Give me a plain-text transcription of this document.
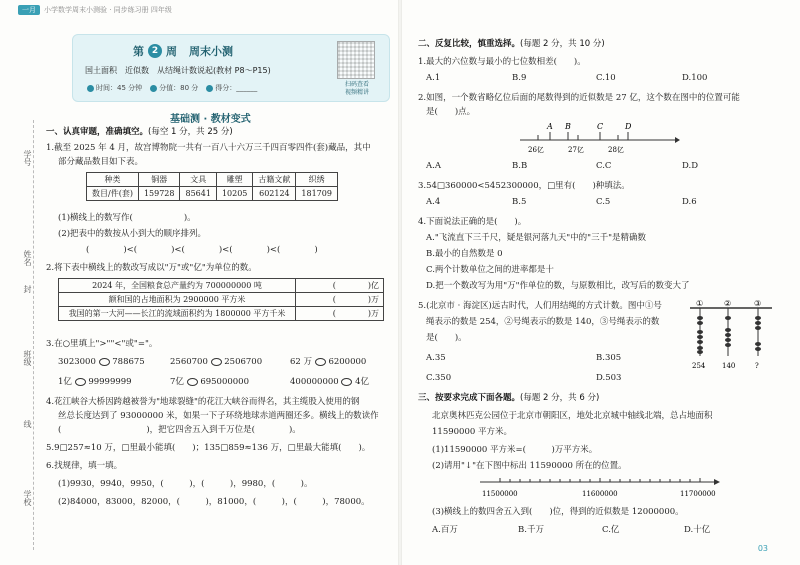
一月	小学数学周末小测验 · 同步练习册 四年级
学号
姓名
封
班级
线
学校
第 2 周 周末小测
国土面积　近似数　从结绳计数说起(教材 P8～P15)
时间：45 分钟 分值：80 分 得分：______	扫码查看
视频精讲
基础测 · 教材变式
一、认真审题，准确填空。(每空 1 分，共 25 分)
1.截至 2025 年 4 月，故宫博物院一共有一百八十六万三千四百零四件(套)藏品，其中
部分藏品数目如下表。
种类	铜器	文具	雕塑	古籍文献	织绣
数目/件(套)	159728	85641	10205	602124	181709
(1)横线上的数写作(　　　　　　)。
(2)把表中的数按从小到大的顺序排列。
(　　　　)<(　　　　)<(　　　　)<(　　　　)<(　　　　)
2.将下表中横线上的数改写成以"万"或"亿"为单位的数。
2024 年，全国粮食总产量约为 700000000 吨	(　　　　)亿
额和国的占地面积为 2900000 平方米	(　　　　)万
我国的第一大河——长江的流域面积约为 1800000 平方千米	(　　　　)万
3.在○里填上">""<"或"="。
3023000 788675	2560700 2506700	62 万 6200000
1亿 99999999	7亿 695000000	400000000 4亿
4.花江峡谷大桥因跨越被誉为"地球裂缝"的花江大峡谷而得名，其主缆股入使用的钢
丝总长度达到了 93000000 米，如果一下子环绕地球赤道两圈还多。横线上的数读作
(　　　　　　　　　　)，把它四舍五入到千万位是(　　　　)。
5.9□257≈10 万，□里最小能填(　　)；135□859≈136 万，□里最大能填(　　)。
6.找规律，填一填。
(1)9930，9940，9950，(　　　)，(　　　)，9980，(　　　)。
(2)84000，83000，82000，(　　　)，81000，(　　　)，(　　　)，78000。
二、反复比较，慎重选择。(每题 2 分，共 10 分)
1.最大的六位数与最小的七位数相差(　　)。
A.1	B.9	C.10	D.100
2.如图，一个数省略亿位后面的尾数得到的近似数是 27 亿，这个数在图中的位置可能
是(　　)点。
A B	C	D
26亿	27亿	28亿
A.A	B.B	C.C	D.D
3.54□360000<5452300000，□里有(　　)种填法。
A.4	B.5	C.5	D.6
4.下面说法正确的是(　　)。
A."飞流直下三千尺，疑是银河落九天"中的"三千"是精确数
B.最小的自然数是 0
C.两个计数单位之间的进率都是十
D.把一个数改写为用"万"作单位的数，与原数相比，改写后的数变大了
5.(北京市 · 海淀区)远古时代，人们用结绳的方式计数。图中①号
绳表示的数是 254，②号绳表示的数是 140，③号绳表示的数
是(　　)。
A.35	B.305
C.350	D.503
①	②	③
254 140	?
三、按要求完成下面各题。(每题 2 分，共 6 分)
北京奥林匹克公园位于北京市朝阳区，地处北京城中轴线北端，总占地面积
11590000 平方米。
(1)11590000 平方米=(　　　)万平方米。
(2)请用"↓"在下图中标出 11590000 所在的位置。
11500000	11600000	11700000
(3)横线上的数四舍五入到(　　)位，得到的近似数是 12000000。
A.百万	B.千万	C.亿	D.十亿
03
